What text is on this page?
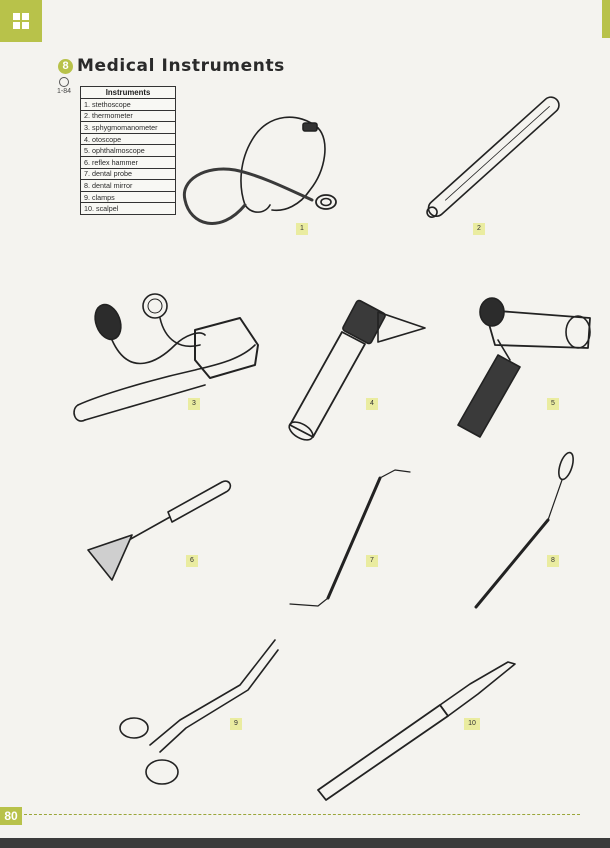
8 Medical Instruments
1-84	Instruments
1. stethoscope
2. thermometer
3. sphygmomanometer
4. otoscope
5. ophthalmoscope
6. reflex hammer
7. dental probe
8. dental mirror
9. clamps
10. scalpel
1	2
3	4	5
6	7	8
9	10
80
